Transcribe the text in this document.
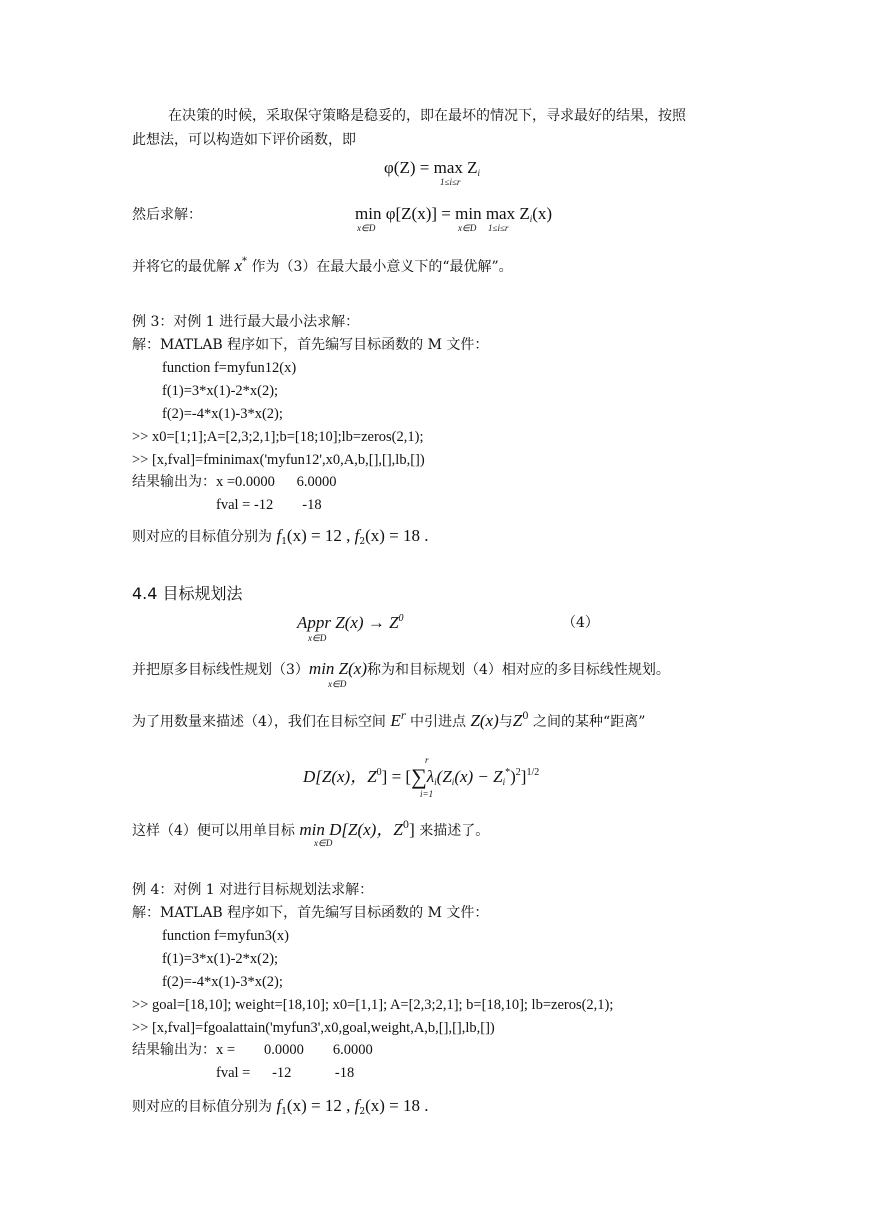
在决策的时候，采取保守策略是稳妥的，即在最坏的情况下，寻求最好的结果，按照
此想法，可以构造如下评价函数，即
φ(Z) = max Zi
1≤i≤r
然后求解：	min φ[Z(x)] = min max Zi(x)
x∈D	x∈D 1≤i≤r
并将它的最优解 x* 作为（3）在最大最小意义下的“最优解”。
例 3：对例 1 进行最大最小法求解：
解：MATLAB 程序如下，首先编写目标函数的 M 文件：
function f=myfun12(x)
f(1)=3*x(1)-2*x(2);
f(2)=-4*x(1)-3*x(2);
>> x0=[1;1];A=[2,3;2,1];b=[18;10];lb=zeros(2,1);
>> [x,fval]=fminimax('myfun12',x0,A,b,[],[],lb,[])
结果输出为：x =0.0000      6.0000
fval = -12        -18
则对应的目标值分别为 $f_1(x) = 12$ , $f_2(x) = 18$ .
4.4 目标规划法
Appr $Z(x) \to Z^0$
x∈D
（4）
并把原多目标线性规划（3）min Z(x)称为和目标规划（4）相对应的多目标线性规划。
x∈D
为了用数量来描述（4），我们在目标空间 $E^r$ 中引进点 Z(x)与$Z^0$ 之间的某种“距离”
D[Z(x)，$Z^0] = [\sum\lambda i(Zi(x) - Zi^*)^2]^{1/2}$
r
i=1
这样（4）便可以用单目标 min D[Z(x)，$Z^0$] 来描述了。
x∈D
例 4：对例 1 对进行目标规划法求解：
解：MATLAB 程序如下，首先编写目标函数的 M 文件：
function f=myfun3(x)
f(1)=3*x(1)-2*x(2);
f(2)=-4*x(1)-3*x(2);
>> goal=[18,10]; weight=[18,10]; x0=[1,1]; A=[2,3;2,1]; b=[18,10]; lb=zeros(2,1);
>> [x,fval]=fgoalattain('myfun3',x0,goal,weight,A,b,[],[],lb,[])
结果输出为：x =        0.0000        6.0000
fval =      -12            -18
则对应的目标值分别为 $f_1(x) = 12$ , $f_2(x) = 18$ .
